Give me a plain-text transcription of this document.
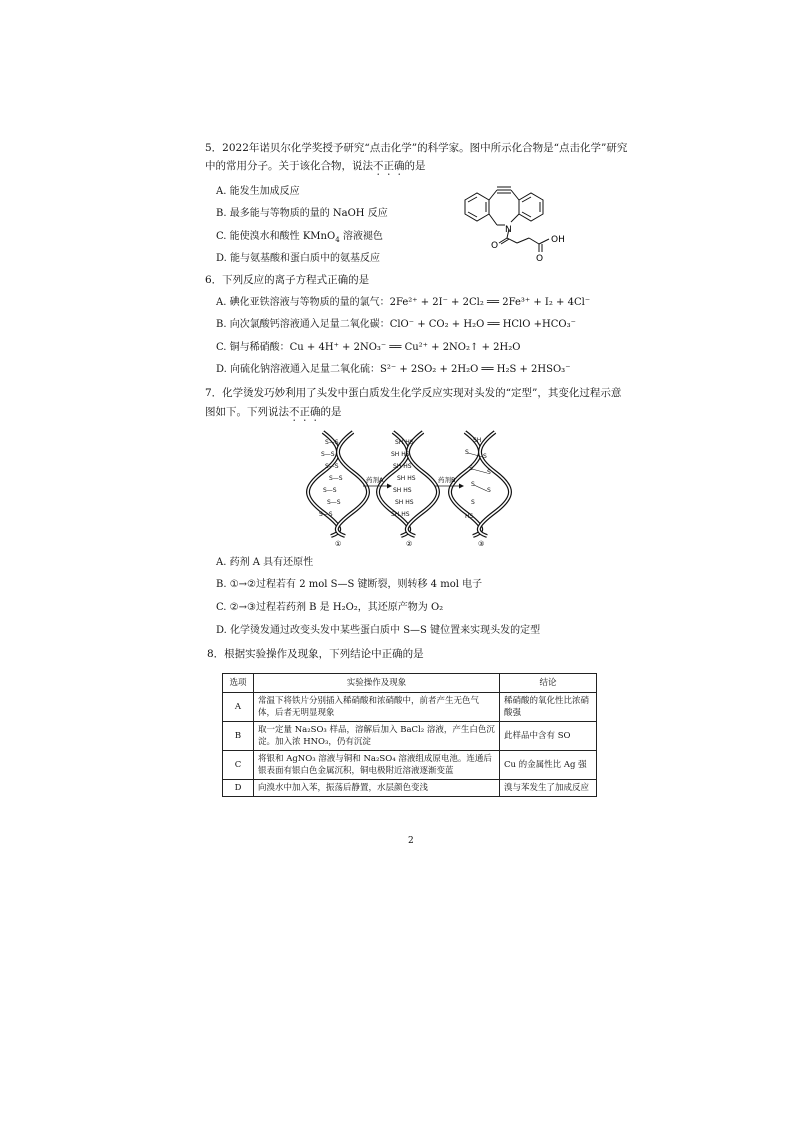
5．2022年诺贝尔化学奖授予研究“点击化学”的科学家。图中所示化合物是“点击化学”研究
中的常用分子。关于该化合物，说法不正确的是
A. 能发生加成反应
B. 最多能与等物质的量的 NaOH 反应
C. 能使溴水和酸性 KMnO$_4$ 溶液褪色
D. 能与氨基酸和蛋白质中的氨基反应
N
O
O
OH
6．下列反应的离子方程式正确的是
A. 碘化亚铁溶液与等物质的量的氯气：2Fe²⁺ + 2I⁻ + 2Cl₂ ══ 2Fe³⁺ + I₂ + 4Cl⁻
B. 向次氯酸钙溶液通入足量二氧化碳：ClO⁻ + CO₂ + H₂O ══ HClO +HCO₃⁻
C. 铜与稀硝酸：Cu + 4H⁺ + 2NO₃⁻ ══ Cu²⁺ + 2NO₂↑ + 2H₂O
D. 向硫化钠溶液通入足量二氧化硫：S²⁻ + 2SO₂ + 2H₂O ══ H₂S + 2HSO₃⁻
7．化学烫发巧妙利用了头发中蛋白质发生化学反应实现对头发的“定型”，其变化过程示意
图如下。下列说法不正确的是
S—S
S—S
S—S
S—S
S—S
S—S
S—S
SH HS
SH HS
SH HS
SH HS
SH HS
SH HS
SH HS
SH
S
S
S
S
S
S
S
HS
药剂A	药剂B
①	②	③
A. 药剂 A 具有还原性
B. ①→②过程若有 2 mol S—S 键断裂，则转移 4 mol 电子
C. ②→③过程若药剂 B 是 H₂O₂，其还原产物为 O₂
D. 化学烫发通过改变头发中某些蛋白质中 S—S 键位置来实现头发的定型
8．根据实验操作及现象，下列结论中正确的是
选项	实验操作及现象	结论
A	常温下将铁片分别插入稀硝酸和浓硝酸中，前者产生无色气体，后者无明显现象	稀硝酸的氧化性比浓硝酸强
B	取一定量 Na₂SO₃ 样品，溶解后加入 BaCl₂ 溶液，产生白色沉淀。加入浓 HNO₃，仍有沉淀	此样品中含有 SO
C	将银和 AgNO₃ 溶液与铜和 Na₂SO₄ 溶液组成原电池。连通后银表面有银白色金属沉积，铜电极附近溶液逐渐变蓝	Cu 的金属性比 Ag 强
D	向溴水中加入苯，振荡后静置，水层颜色变浅	溴与苯发生了加成反应
2
